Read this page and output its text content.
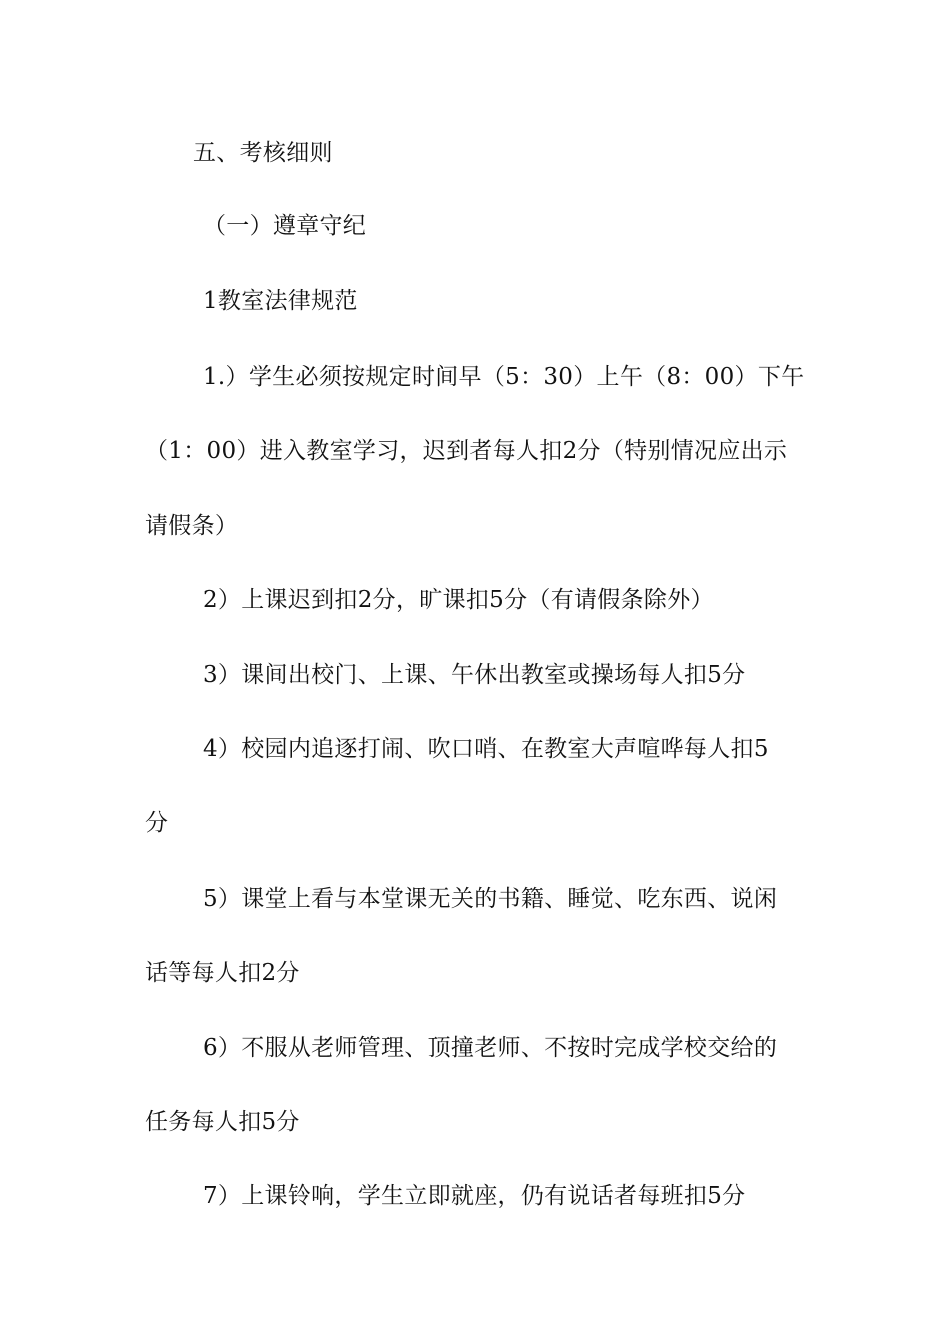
五、考核细则
（一）遵章守纪
1教室法律规范
1.）学生必须按规定时间早（5：30）上午（8：00）下午
（1：00）进入教室学习，迟到者每人扣2分（特别情况应出示
请假条）
2）上课迟到扣2分，旷课扣5分（有请假条除外）
3）课间出校门、上课、午休出教室或操场每人扣5分
4）校园内追逐打闹、吹口哨、在教室大声喧哗每人扣5
分
5）课堂上看与本堂课无关的书籍、睡觉、吃东西、说闲
话等每人扣2分
6）不服从老师管理、顶撞老师、不按时完成学校交给的
任务每人扣5分
7）上课铃响，学生立即就座，仍有说话者每班扣5分
